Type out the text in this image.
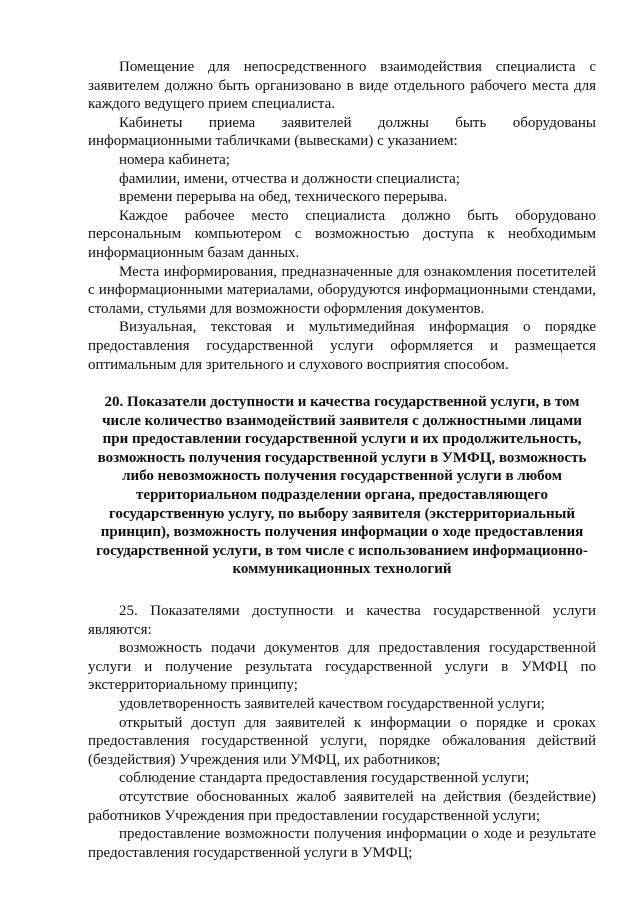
Помещение для непосредственного взаимодействия специалиста с заявителем должно быть организовано в виде отдельного рабочего места для каждого ведущего прием специалиста.

Кабинеты приема заявителей должны быть оборудованы информационными табличками (вывесками) с указанием:

номера кабинета;

фамилии, имени, отчества и должности специалиста;

времени перерыва на обед, технического перерыва.

Каждое рабочее место специалиста должно быть оборудовано персональным компьютером с возможностью доступа к необходимым информационным базам данных.

Места информирования, предназначенные для ознакомления посетителей с информационными материалами, оборудуются информационными стендами, столами, стульями для возможности оформления документов.

Визуальная, текстовая и мультимедийная информация о порядке предоставления государственной услуги оформляется и размещается оптимальным для зрительного и слухового восприятия способом.

20. Показатели доступности и качества государственной услуги, в том числе количество взаимодействий заявителя с должностными лицами при предоставлении государственной услуги и их продолжительность, возможность получения государственной услуги в УМФЦ, возможность либо невозможность получения государственной услуги в любом территориальном подразделении органа, предоставляющего государственную услугу, по выбору заявителя (экстерриториальный принцип), возможность получения информации о ходе предоставления государственной услуги, в том числе с использованием информационно-коммуникационных технологий

25. Показателями доступности и качества государственной услуги являются:

возможность подачи документов для предоставления государственной услуги и получение результата государственной услуги в УМФЦ по экстерриториальному принципу;

удовлетворенность заявителей качеством государственной услуги;

открытый доступ для заявителей к информации о порядке и сроках предоставления государственной услуги, порядке обжалования действий (бездействия) Учреждения или УМФЦ, их работников;

соблюдение стандарта предоставления государственной услуги;

отсутствие обоснованных жалоб заявителей на действия (бездействие) работников Учреждения при предоставлении государственной услуги;

предоставление возможности получения информации о ходе и результате предоставления государственной услуги в УМФЦ;
